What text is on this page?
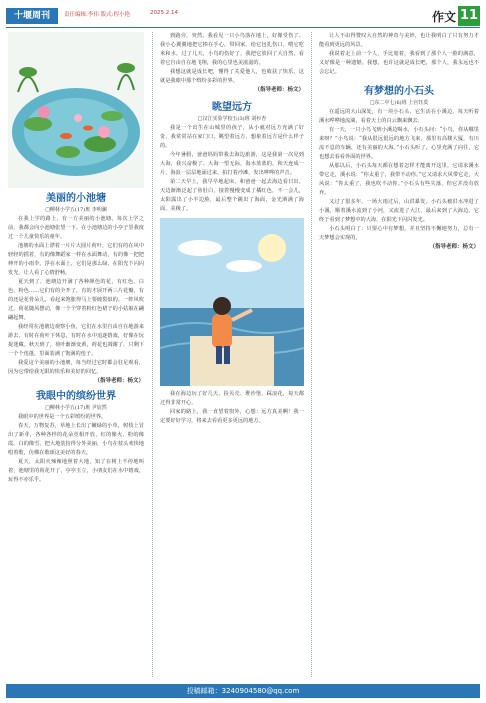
十堰周刊	责任编辑:李伟 版式:程小艳	2025.2.14	作文 11
美丽的小池塘
□柳林小学五(17)班 李明澜

在我上学的路上，有一方美丽的小池塘，每次上学之前，我都会向小池塘张望一下。在小池塘边的小亭子里我度过一个儿童快乐的童年。

池塘的水面上漂着一片片大圆片荷叶，它们有的在风中轻轻的摇着，有的像舞蹈家一样在水面舞动，有的像一把把伸开的小雨伞，浮在水面上，它们是那么绿，在阳光下闪闪发光，让人看了心情舒畅。

夏天到了，池塘边开满了各种颜色的花，有红色、白色、粉色……它们有的全开了，有的才展开两三片花瓣，有的还是花骨朵儿，看起来饱胀得马上要破裂似的。一阵风吹过，荷花随风摆动，像一个个穿着粉红色裙子的小姑娘在翩翩起舞。

我经常在池塘边观察小鱼，它们在水里自由自在地游来游去，有时在荷叶下休息，有时在水中追逐嬉戏，好像在玩捉迷藏。秋天到了，荷叶渐渐变黄，荷花也凋谢了，只剩下一个个莲蓬，里面装满了饱满的莲子。

我爱这个美丽的小池塘，每当经过它时都会驻足观看，因为它带给我无限的快乐和美好的回忆。

（指导老师：杨文）
我眼中的缤纷世界
□柳林小学五(17)班 尹宸然

我眼中的世界是一个五彩缤纷的世界。

春天，万物复苏，草地上长出了嫩绿的小草，树枝上冒出了新芽，各种各样的花朵竞相开放，红的像火，粉的像霞，白的像雪，把大地装扮得分外美丽，小鸟在枝头欢快地唱着歌，仿佛在歌颂这美好的春天。

夏天，太阳火辣辣地照着大地，知了在树上不停地叫着，池塘里的荷花开了，亭亭玉立，小朋友们在水中嬉戏，玩得不亦乐乎。

到路旁，突然，我看见一只小鸟落在地上，好像受伤了。我小心翼翼地把它捧在手心，带回家，给它包扎伤口，喂它吃米和水。过了几天，小鸟的伤好了，我把它放回了大自然，看着它自由自在地飞翔，我的心里也美滋滋的。

我想这就是成长吧，懂得了关爱他人，也收获了快乐，这就是我眼中那个缤纷多彩的世界。

（指导老师：杨文）
眺望远方
□汉江实验学校五(3)班 刘衫杏

我是一个出生在山城里的孩子，从小就对远方充满了好奇，我常常站在家门口，眺望着远方，想象着远方是什么样子的。

今年暑假，爸爸妈妈带我去海边旅游，这是我第一次见到大海，我兴奋极了。大海一望无际，海水蓝蓝的，和天连成一片，海浪一层层地涌过来，拍打着沙滩，发出哗哗的声音。

第二天早上，我早早地起床，和爸爸一起去海边看日出。天边渐渐泛起了鱼肚白，接着慢慢变成了橘红色，不一会儿，太阳露出了小半边脸，最后整个跳出了海面，金光洒满了海面，美极了。

我在海边玩了好几天，捡贝壳、堆沙堡、踩浪花，每天都过得非常开心。

回家的路上，我一直望着窗外，心想：远方真美啊！我一定要好好学习，将来去看看更多更远的地方。

让人不由得赞叹大自然的神奇与美妙，也让我明白了只有努力才能看到更远的风景。

我说着走上前一个人，手比划着，我看到了那个人一脸的满意，又好像是一种遗憾。我想，也许这就是成长吧，那个人，我永远也不会忘记。

有梦想的小石头
□东二中七(6)班 上官钰莫

在遥远的大山深处，有一块小石头，它生活在小溪边，每天听着溪水哗哗地流淌，看着天上的白云飘来飘去。

有一天，一只小鸟飞到小溪边喝水，小石头问：“小鸟，你从哪里来呀？”小鸟说：“我从很远很远的地方飞来，那里有高楼大厦，有川流不息的车辆，还有美丽的大海。”小石头听了，心里充满了向往，它也想去看看外面的世界。

从那以后，小石头每天都在想着怎样才能离开这里。它请求溪水带它走，溪水说：“你太重了，我带不动你。”它又请求大风带它走，大风说：“你太重了，我也吹不动你。”小石头有些失落，但它并没有放弃。

又过了很多年，一场大雨过后，山洪暴发，小石头被洪水冲进了小溪，顺着溪水流到了小河，又流进了大江，最后来到了大海边。它终于看到了梦想中的大海，在阳光下闪闪发光。

小石头明白了：只要心中有梦想，并且坚持不懈地努力，总有一天梦想会实现的。

（指导老师：杨文）
投稿邮箱：3240904580@qq.com
